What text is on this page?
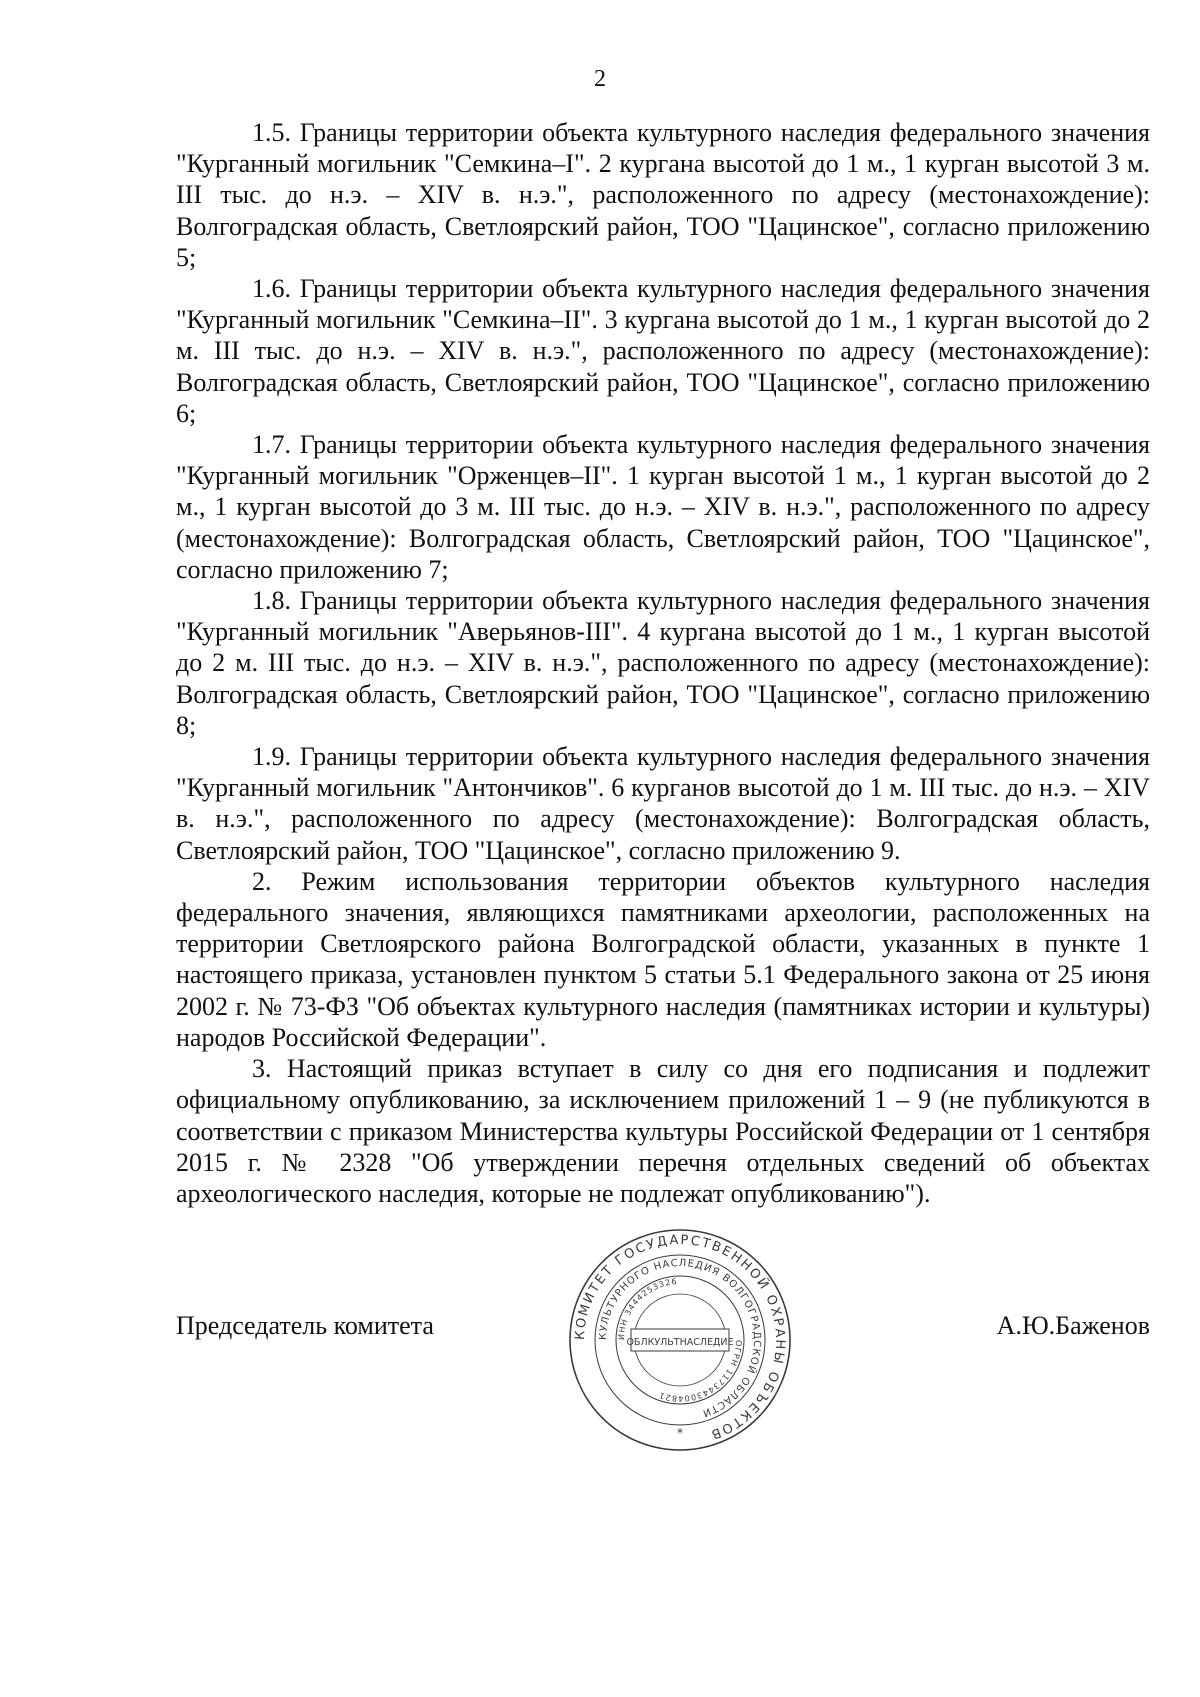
2

1.5. Границы территории объекта культурного наследия федерального значения "Курганный могильник "Семкина–I". 2 кургана высотой до 1 м., 1 курган высотой 3 м. III тыс. до н.э. – XIV в. н.э.", расположенного по адресу (местонахождение): Волгоградская область, Светлоярский район, ТОО "Цацинское", согласно приложению 5;

1.6. Границы территории объекта культурного наследия федерального значения "Курганный могильник "Семкина–II". 3 кургана высотой до 1 м., 1 курган высотой до 2 м. III тыс. до н.э. – XIV в. н.э.", расположенного по адресу (местонахождение): Волгоградская область, Светлоярский район, ТОО "Цацинское", согласно приложению 6;

1.7. Границы территории объекта культурного наследия федерального значения "Курганный могильник "Орженцев–II". 1 курган высотой 1 м., 1 курган высотой до 2 м., 1 курган высотой до 3 м. III тыс. до н.э. – XIV в. н.э.", расположенного по адресу (местонахождение): Волгоградская область, Светлоярский район, ТОО "Цацинское", согласно приложению 7;

1.8. Границы территории объекта культурного наследия федерального значения "Курганный могильник "Аверьянов-III". 4 кургана высотой до 1 м., 1 курган высотой до 2 м. III тыс. до н.э. – XIV в. н.э.", расположенного по адресу (местонахождение): Волгоградская область, Светлоярский район, ТОО "Цацинское", согласно приложению 8;

1.9. Границы территории объекта культурного наследия федерального значения "Курганный могильник "Антончиков". 6 курганов высотой до 1 м. III тыс. до н.э. – XIV в. н.э.", расположенного по адресу (местонахождение): Волгоградская область, Светлоярский район, ТОО "Цацинское", согласно приложению 9.

2. Режим использования территории объектов культурного наследия федерального значения, являющихся памятниками археологии, расположенных на территории Светлоярского района Волгоградской области, указанных в пункте 1 настоящего приказа, установлен пунктом 5 статьи 5.1 Федерального закона от 25 июня 2002 г. № 73-ФЗ "Об объектах культурного наследия (памятниках истории и культуры) народов Российской Федерации".

3. Настоящий приказ вступает в силу со дня его подписания и подлежит официальному опубликованию, за исключением приложений 1 – 9 (не публикуются в соответствии с приказом Министерства культуры Российской Федерации от 1 сентября 2015 г. № 2328 "Об утверждении перечня отдельных сведений об объектах археологического наследия, которые не подлежат опубликованию").

Председатель комитета	А.Ю.Баженов
КОМИТЕТ ГОСУДАРСТВЕННОЙ ОХРАНЫ ОБЪЕКТОВ
КУЛЬТУРНОГО НАСЛЕДИЯ ВОЛГОГРАДСКОЙ ОБЛАСТИ
ИНН 3444253326
ОГРН 1173443004821
ОБЛКУЛЬТНАСЛЕДИЕ
*
